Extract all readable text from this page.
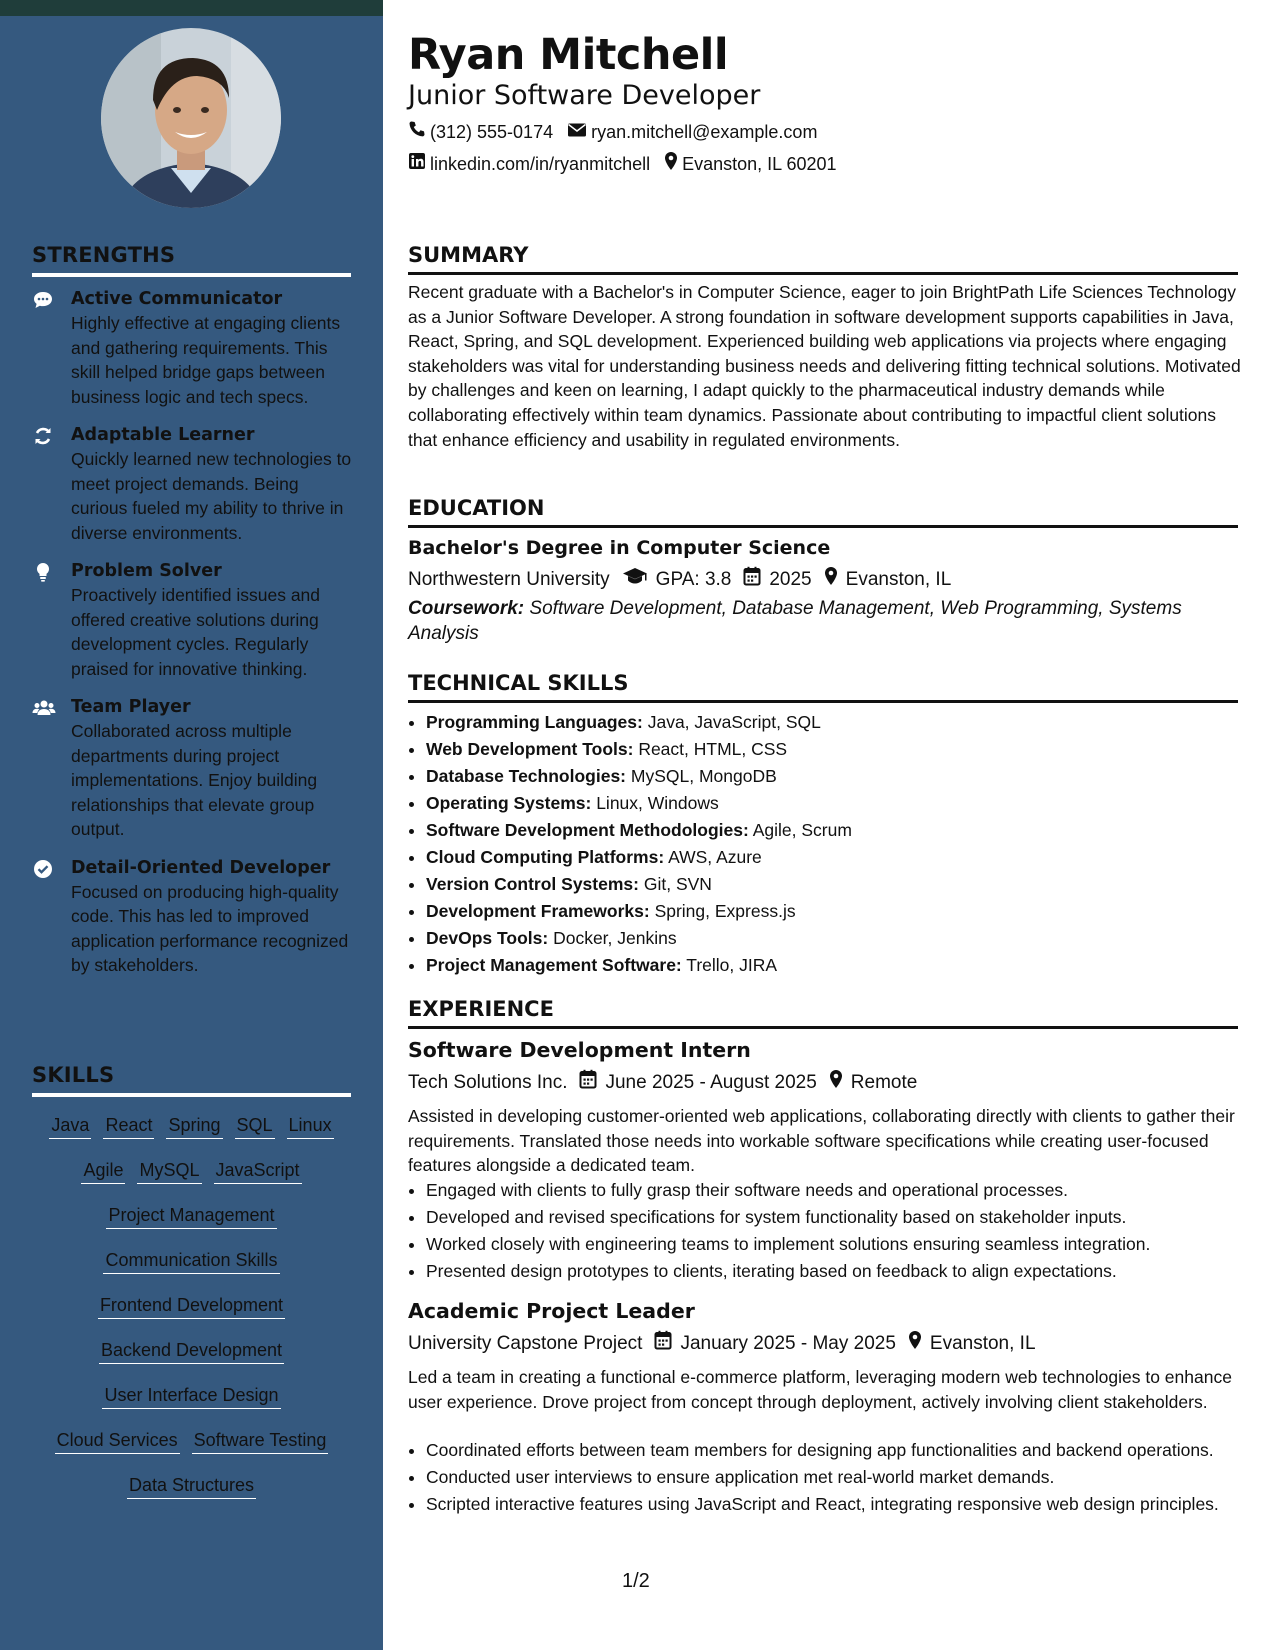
STRENGTHS
Active Communicator
Highly effective at engaging clients and gathering requirements. This skill helped bridge gaps between business logic and tech specs.
Adaptable Learner
Quickly learned new technologies to meet project demands. Being curious fueled my ability to thrive in diverse environments.
Problem Solver
Proactively identified issues and offered creative solutions during development cycles. Regularly praised for innovative thinking.
Team Player
Collaborated across multiple departments during project implementations. Enjoy building relationships that elevate group output.
Detail-Oriented Developer
Focused on producing high-quality code. This has led to improved application performance recognized by stakeholders.
SKILLS
Java React Spring SQL Linux
Agile MySQL JavaScript
Project Management
Communication Skills
Frontend Development
Backend Development
User Interface Design
Cloud Services Software Testing
Data Structures
Ryan Mitchell
Junior Software Developer
(312) 555-0174 ryan.mitchell@example.com
linkedin.com/in/ryanmitchell Evanston, IL 60201
SUMMARY
Recent graduate with a Bachelor's in Computer Science, eager to join BrightPath Life Sciences Technology as a Junior Software Developer. A strong foundation in software development supports capabilities in Java, React, Spring, and SQL development. Experienced building web applications via projects where engaging stakeholders was vital for understanding business needs and delivering fitting technical solutions. Motivated by challenges and keen on learning, I adapt quickly to the pharmaceutical industry demands while collaborating effectively within team dynamics. Passionate about contributing to impactful client solutions that enhance efficiency and usability in regulated environments.
EDUCATION
Bachelor's Degree in Computer Science
Northwestern University GPA: 3.8 2025 Evanston, IL
Coursework: Software Development, Database Management, Web Programming, Systems Analysis
TECHNICAL SKILLS
• Programming Languages: Java, JavaScript, SQL
• Web Development Tools: React, HTML, CSS
• Database Technologies: MySQL, MongoDB
• Operating Systems: Linux, Windows
• Software Development Methodologies: Agile, Scrum
• Cloud Computing Platforms: AWS, Azure
• Version Control Systems: Git, SVN
• Development Frameworks: Spring, Express.js
• DevOps Tools: Docker, Jenkins
• Project Management Software: Trello, JIRA
EXPERIENCE
Software Development Intern
Tech Solutions Inc. June 2025 - August 2025 Remote
Assisted in developing customer-oriented web applications, collaborating directly with clients to gather their requirements. Translated those needs into workable software specifications while creating user-focused features alongside a dedicated team.
• Engaged with clients to fully grasp their software needs and operational processes.
• Developed and revised specifications for system functionality based on stakeholder inputs.
• Worked closely with engineering teams to implement solutions ensuring seamless integration.
• Presented design prototypes to clients, iterating based on feedback to align expectations.
Academic Project Leader
University Capstone Project January 2025 - May 2025 Evanston, IL
Led a team in creating a functional e-commerce platform, leveraging modern web technologies to enhance user experience. Drove project from concept through deployment, actively involving client stakeholders.
• Coordinated efforts between team members for designing app functionalities and backend operations.
• Conducted user interviews to ensure application met real-world market demands.
• Scripted interactive features using JavaScript and React, integrating responsive web design principles.
1/2
